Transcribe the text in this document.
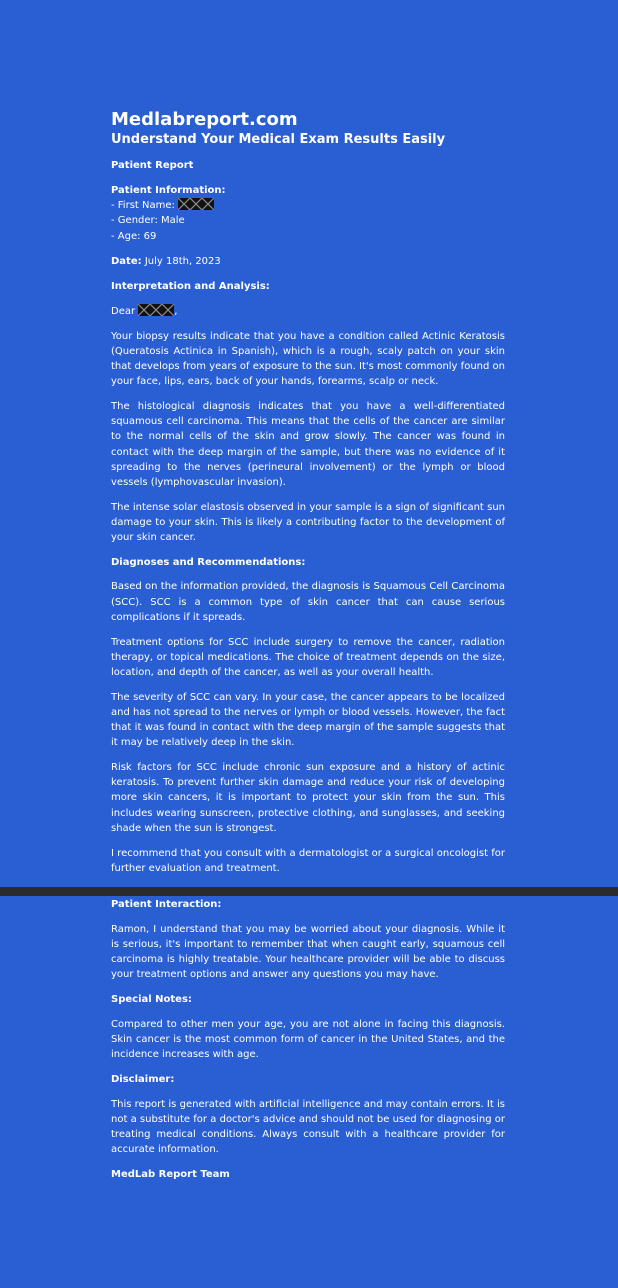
Medlabreport.com
Understand Your Medical Exam Results Easily
Patient Report
Patient Information:
- First Name:
- Gender: Male
- Age: 69
Date: July 18th, 2023
Interpretation and Analysis:
Dear	,

Your biopsy results indicate that you have a condition called Actinic Keratosis (Queratosis Actinica in Spanish), which is a rough, scaly patch on your skin that develops from years of exposure to the sun. It's most commonly found on your face, lips, ears, back of your hands, forearms, scalp or neck.

The histological diagnosis indicates that you have a well-differentiated squamous cell carcinoma. This means that the cells of the cancer are similar to the normal cells of the skin and grow slowly. The cancer was found in contact with the deep margin of the sample, but there was no evidence of it spreading to the nerves (perineural involvement) or the lymph or blood vessels (lymphovascular invasion).

The intense solar elastosis observed in your sample is a sign of significant sun damage to your skin. This is likely a contributing factor to the development of your skin cancer.

Diagnoses and Recommendations:

Based on the information provided, the diagnosis is Squamous Cell Carcinoma (SCC). SCC is a common type of skin cancer that can cause serious complications if it spreads.

Treatment options for SCC include surgery to remove the cancer, radiation therapy, or topical medications. The choice of treatment depends on the size, location, and depth of the cancer, as well as your overall health.

The severity of SCC can vary. In your case, the cancer appears to be localized and has not spread to the nerves or lymph or blood vessels. However, the fact that it was found in contact with the deep margin of the sample suggests that it may be relatively deep in the skin.

Risk factors for SCC include chronic sun exposure and a history of actinic keratosis. To prevent further skin damage and reduce your risk of developing more skin cancers, it is important to protect your skin from the sun. This includes wearing sunscreen, protective clothing, and sunglasses, and seeking shade when the sun is strongest.

I recommend that you consult with a dermatologist or a surgical oncologist for further evaluation and treatment.

Patient Interaction:

Ramon, I understand that you may be worried about your diagnosis. While it is serious, it's important to remember that when caught early, squamous cell carcinoma is highly treatable. Your healthcare provider will be able to discuss your treatment options and answer any questions you may have.

Special Notes:

Compared to other men your age, you are not alone in facing this diagnosis. Skin cancer is the most common form of cancer in the United States, and the incidence increases with age.

Disclaimer:

This report is generated with artificial intelligence and may contain errors. It is not a substitute for a doctor's advice and should not be used for diagnosing or treating medical conditions. Always consult with a healthcare provider for accurate information.

MedLab Report Team
